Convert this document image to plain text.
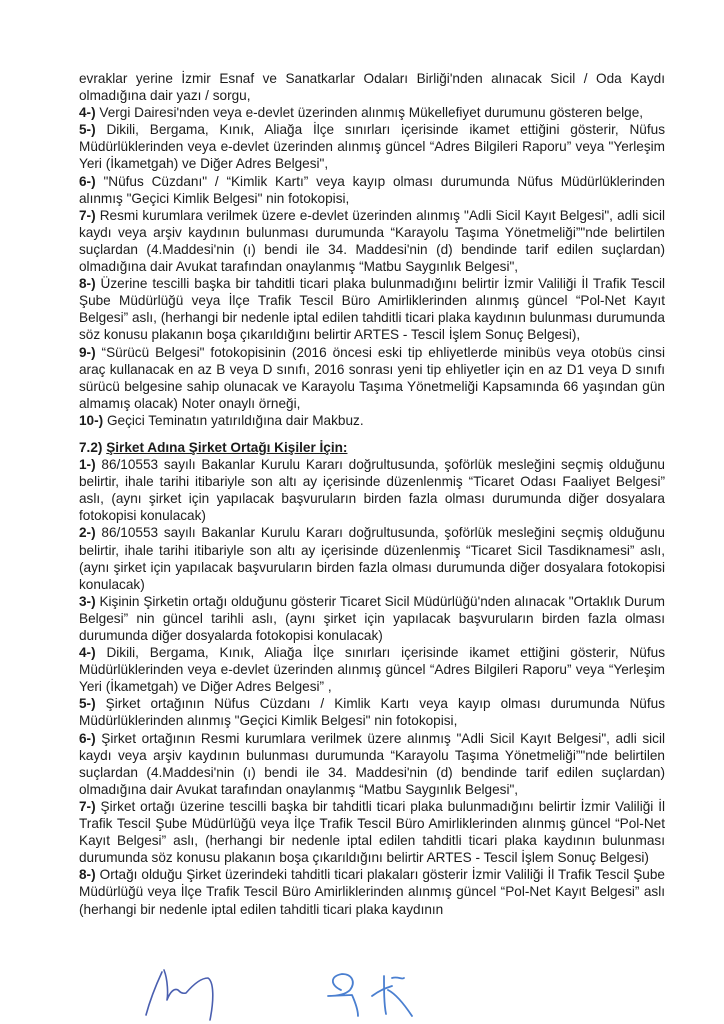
evraklar yerine İzmir Esnaf ve Sanatkarlar Odaları Birliği'nden alınacak Sicil / Oda Kaydı olmadığına dair yazı / sorgu,

4-) Vergi Dairesi'nden veya e-devlet üzerinden alınmış Mükellefiyet durumunu gösteren belge,

5-) Dikili, Bergama, Kınık, Aliağa İlçe sınırları içerisinde ikamet ettiğini gösterir, Nüfus Müdürlüklerinden veya e-devlet üzerinden alınmış güncel “Adres Bilgileri Raporu” veya "Yerleşim Yeri (İkametgah) ve Diğer Adres Belgesi",

6-) "Nüfus Cüzdanı" / “Kimlik Kartı” veya kayıp olması durumunda Nüfus Müdürlüklerinden alınmış "Geçici Kimlik Belgesi" nin fotokopisi,

7-) Resmi kurumlara verilmek üzere e-devlet üzerinden alınmış "Adli Sicil Kayıt Belgesi", adli sicil kaydı veya arşiv kaydının bulunması durumunda “Karayolu Taşıma Yönetmeliği”"nde belirtilen suçlardan (4.Maddesi'nin (ı) bendi ile 34. Maddesi'nin (d) bendinde tarif edilen suçlardan) olmadığına dair Avukat tarafından onaylanmış “Matbu Saygınlık Belgesi",

8-) Üzerine tescilli başka bir tahditli ticari plaka bulunmadığını belirtir İzmir Valiliği İl Trafik Tescil Şube Müdürlüğü veya İlçe Trafik Tescil Büro Amirliklerinden alınmış güncel “Pol-Net Kayıt Belgesi” aslı, (herhangi bir nedenle iptal edilen tahditli ticari plaka kaydının bulunması durumunda söz konusu plakanın boşa çıkarıldığını belirtir ARTES - Tescil İşlem Sonuç Belgesi),

9-) “Sürücü Belgesi" fotokopisinin (2016 öncesi eski tip ehliyetlerde minibüs veya otobüs cinsi araç kullanacak en az B veya D sınıfı, 2016 sonrası yeni tip ehliyetler için en az D1 veya D sınıfı sürücü belgesine sahip olunacak ve Karayolu Taşıma Yönetmeliği Kapsamında 66 yaşından gün almamış olacak) Noter onaylı örneği,

10-) Geçici Teminatın yatırıldığına dair Makbuz.

7.2) Şirket Adına Şirket Ortağı Kişiler İçin:

1-) 86/10553 sayılı Bakanlar Kurulu Kararı doğrultusunda, şoförlük mesleğini seçmiş olduğunu belirtir, ihale tarihi itibariyle son altı ay içerisinde düzenlenmiş “Ticaret Odası Faaliyet Belgesi” aslı, (aynı şirket için yapılacak başvuruların birden fazla olması durumunda diğer dosyalara fotokopisi konulacak)

2-) 86/10553 sayılı Bakanlar Kurulu Kararı doğrultusunda, şoförlük mesleğini seçmiş olduğunu belirtir, ihale tarihi itibariyle son altı ay içerisinde düzenlenmiş “Ticaret Sicil Tasdiknamesi” aslı, (aynı şirket için yapılacak başvuruların birden fazla olması durumunda diğer dosyalara fotokopisi konulacak)

3-) Kişinin Şirketin ortağı olduğunu gösterir Ticaret Sicil Müdürlüğü'nden alınacak "Ortaklık Durum Belgesi” nin güncel tarihli aslı, (aynı şirket için yapılacak başvuruların birden fazla olması durumunda diğer dosyalarda fotokopisi konulacak)

4-) Dikili, Bergama, Kınık, Aliağa İlçe sınırları içerisinde ikamet ettiğini gösterir, Nüfus Müdürlüklerinden veya e-devlet üzerinden alınmış güncel “Adres Bilgileri Raporu” veya “Yerleşim Yeri (İkametgah) ve Diğer Adres Belgesi” ,

5-) Şirket ortağının Nüfus Cüzdanı / Kimlik Kartı veya kayıp olması durumunda Nüfus Müdürlüklerinden alınmış "Geçici Kimlik Belgesi" nin fotokopisi,

6-) Şirket ortağının Resmi kurumlara verilmek üzere alınmış "Adli Sicil Kayıt Belgesi", adli sicil kaydı veya arşiv kaydının bulunması durumunda “Karayolu Taşıma Yönetmeliği”"nde belirtilen suçlardan (4.Maddesi'nin (ı) bendi ile 34. Maddesi'nin (d) bendinde tarif edilen suçlardan) olmadığına dair Avukat tarafından onaylanmış “Matbu Saygınlık Belgesi",

7-) Şirket ortağı üzerine tescilli başka bir tahditli ticari plaka bulunmadığını belirtir İzmir Valiliği İl Trafik Tescil Şube Müdürlüğü veya İlçe Trafik Tescil Büro Amirliklerinden alınmış güncel “Pol-Net Kayıt Belgesi” aslı, (herhangi bir nedenle iptal edilen tahditli ticari plaka kaydının bulunması durumunda söz konusu plakanın boşa çıkarıldığını belirtir ARTES - Tescil İşlem Sonuç Belgesi)

8-) Ortağı olduğu Şirket üzerindeki tahditli ticari plakaları gösterir İzmir Valiliği İl Trafik Tescil Şube Müdürlüğü veya İlçe Trafik Tescil Büro Amirliklerinden alınmış güncel “Pol-Net Kayıt Belgesi” aslı (herhangi bir nedenle iptal edilen tahditli ticari plaka kaydının
